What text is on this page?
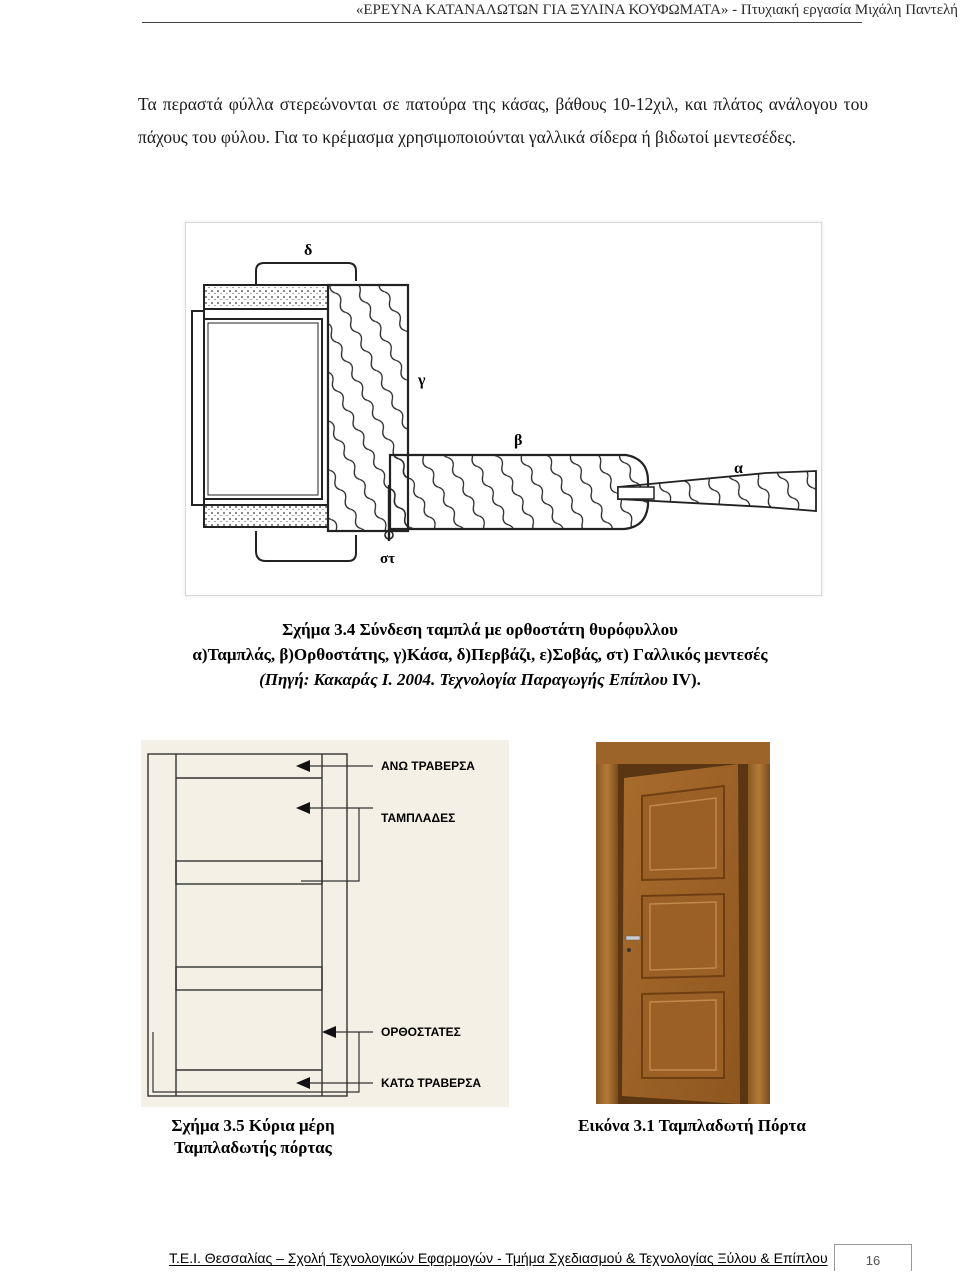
«ΕΡΕΥΝΑ ΚΑΤΑΝΑΛΩΤΩΝ ΓΙΑ ΞΥΛΙΝΑ ΚΟΥΦΩΜΑΤΑ» - Πτυχιακή εργασία Μιχάλη Παντελή
Τα περαστά φύλλα στερεώνονται σε πατούρα της κάσας, βάθους 10-12χιλ, και πλάτος ανάλογου του πάχους του φύλου. Για το κρέμασμα χρησιμοποιούνται γαλλικά σίδερα ή βιδωτοί μεντεσέδες.
δ
γ
β
α
στ
Σχήμα 3.4 Σύνδεση ταμπλά με ορθοστάτη θυρόφυλλου
α)Ταμπλάς, β)Ορθοστάτης, γ)Κάσα, δ)Περβάζι, ε)Σοβάς, στ) Γαλλικός μεντεσές
(Πηγή: Κακαράς Ι. 2004. Τεχνολογία Παραγωγής Επίπλου IV).
ΑΝΩ ΤΡΑΒΕΡΣΑ
ΤΑΜΠΛΑΔΕΣ
ΟΡΘΟΣΤΑΤΕΣ
ΚΑΤΩ ΤΡΑΒΕΡΣΑ
Σχήμα 3.5 Κύρια μέρη
Ταμπλαδωτής πόρτας
Εικόνα 3.1 Ταμπλαδωτή Πόρτα
Τ.Ε.Ι. Θεσσαλίας – Σχολή Τεχνολογικών Εφαρμογών - Τμήμα Σχεδιασμού & Τεχνολογίας Ξύλου & Επίπλου	16
